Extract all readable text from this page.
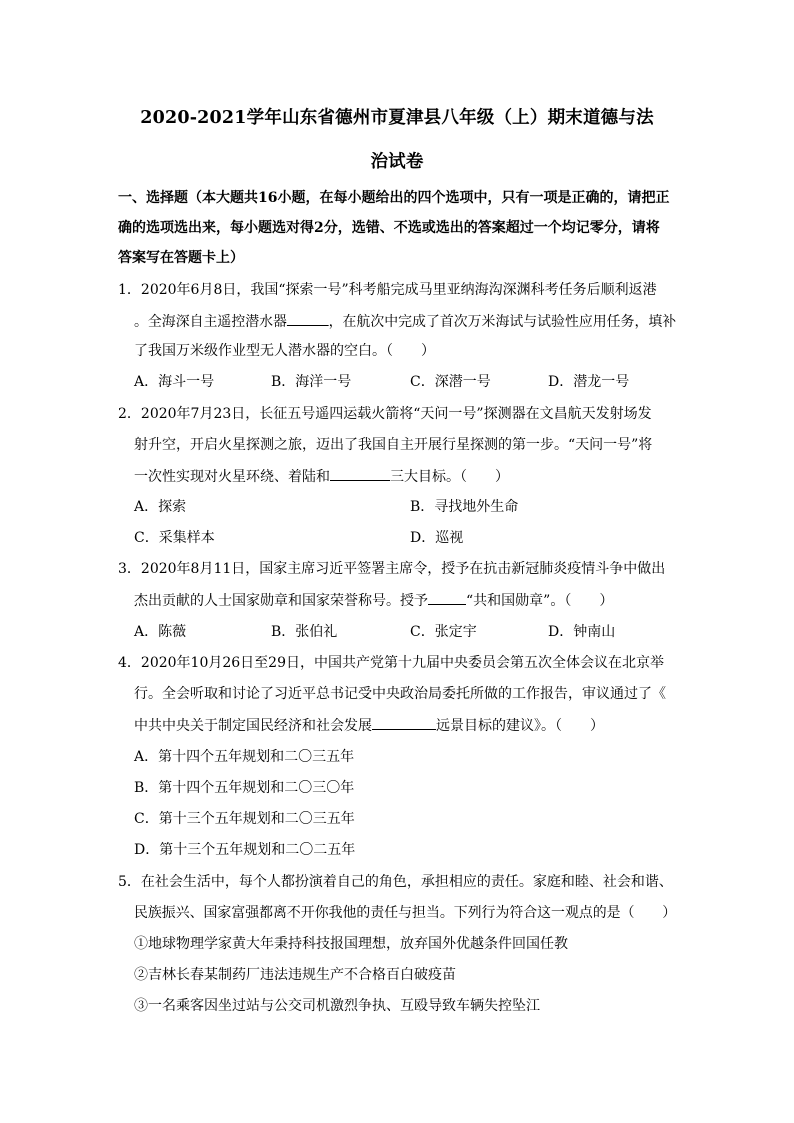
2020-2021学年山东省德州市夏津县八年级（上）期末道德与法
治试卷
一、选择题（本大题共16小题，在每小题给出的四个选项中，只有一项是正确的，请把正
确的选项选出来，每小题选对得2分，选错、不选或选出的答案超过一个均记零分，请将
答案写在答题卡上）
1．2020年6月8日，我国“探索一号”科考船完成马里亚纳海沟深渊科考任务后顺利返港
。全海深自主遥控潜水器	，在航次中完成了首次万米海试与试验性应用任务，填补
了我国万米级作业型无人潜水器的空白。（　　）
A．海斗一号	B．海洋一号	C．深潜一号	D．潜龙一号
2．2020年7月23日，长征五号遥四运载火箭将“天问一号”探测器在文昌航天发射场发
射升空，开启火星探测之旅，迈出了我国自主开展行星探测的第一步。“天问一号”将
一次性实现对火星环绕、着陆和	三大目标。（　　）
A．探索	B．寻找地外生命
C．采集样本	D．巡视
3．2020年8月11日，国家主席习近平签署主席令，授予在抗击新冠肺炎疫情斗争中做出
杰出贡献的人士国家勋章和国家荣誉称号。授予	“共和国勋章”。（　　）
A．陈薇	B．张伯礼	C．张定宇	D．钟南山
4．2020年10月26日至29日，中国共产党第十九届中央委员会第五次全体会议在北京举
行。全会听取和讨论了习近平总书记受中央政治局委托所做的工作报告，审议通过了《
中共中央关于制定国民经济和社会发展	远景目标的建议》。（　　）
A．第十四个五年规划和二〇三五年
B．第十四个五年规划和二〇三〇年
C．第十三个五年规划和二〇三五年
D．第十三个五年规划和二〇二五年
5．在社会生活中，每个人都扮演着自己的角色，承担相应的责任。家庭和睦、社会和谐、
民族振兴、国家富强都离不开你我他的责任与担当。下列行为符合这一观点的是（　　）
①地球物理学家黄大年秉持科技报国理想，放弃国外优越条件回国任教
②吉林长春某制药厂违法违规生产不合格百白破疫苗
③一名乘客因坐过站与公交司机激烈争执、互殴导致车辆失控坠江
